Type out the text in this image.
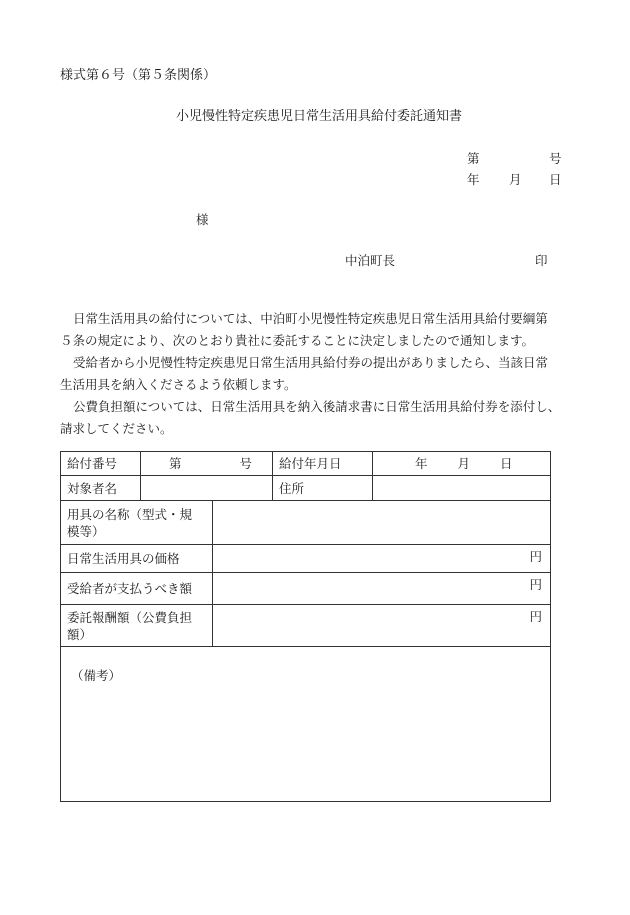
様式第６号（第５条関係）
小児慢性特定疾患児日常生活用具給付委託通知書
第	号
年 月 日
様
中泊町長	印

日常生活用具の給付については、中泊町小児慢性特定疾患児日常生活用具給付要綱第

５条の規定により、次のとおり貴社に委託することに決定しましたので通知します。

受給者から小児慢性特定疾患児日常生活用具給付券の提出がありましたら、当該日常

生活用具を納入くださるよう依頼します。

公費負担額については、日常生活用具を納入後請求書に日常生活用具給付券を添付し、

請求してください。

給付番号	第 号		給付年月日	年 月 日
対象者名			住所	
用具の名称（型式・規
模等）				
日常生活用具の価格		円		
受給者が支払うべき額		円		
委託報酬額（公費負担
額）		円		
（備考）				
